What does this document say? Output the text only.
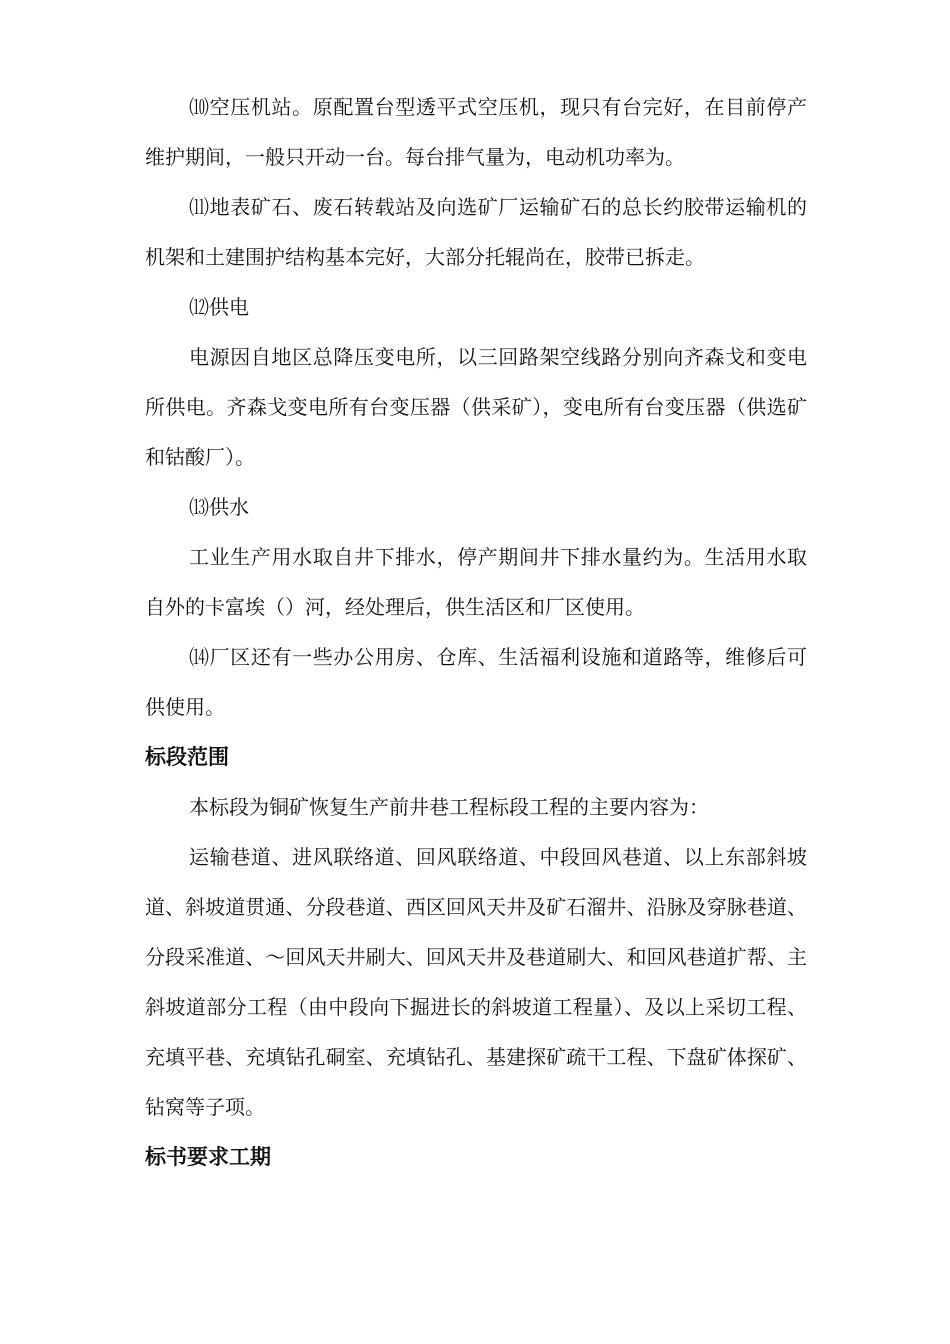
⑽空压机站。原配置台型透平式空压机，现只有台完好，在目前停产维护期间，一般只开动一台。每台排气量为，电动机功率为。

⑾地表矿石、废石转载站及向选矿厂运输矿石的总长约胶带运输机的机架和土建围护结构基本完好，大部分托辊尚在，胶带已拆走。

⑿供电

电源因自地区总降压变电所，以三回路架空线路分别向齐森戈和变电所供电。齐森戈变电所有台变压器（供采矿），变电所有台变压器（供选矿和钴酸厂）。

⒀供水

工业生产用水取自井下排水，停产期间井下排水量约为。生活用水取自外的卡富埃（）河，经处理后，供生活区和厂区使用。

⒁厂区还有一些办公用房、仓库、生活福利设施和道路等，维修后可供使用。

标段范围

本标段为铜矿恢复生产前井巷工程标段工程的主要内容为：

运输巷道、进风联络道、回风联络道、中段回风巷道、以上东部斜坡道、斜坡道贯通、分段巷道、西区回风天井及矿石溜井、沿脉及穿脉巷道、分段采准道、～回风天井刷大、回风天井及巷道刷大、和回风巷道扩帮、主斜坡道部分工程（由中段向下掘进长的斜坡道工程量）、及以上采切工程、充填平巷、充填钻孔硐室、充填钻孔、基建探矿疏干工程、下盘矿体探矿、钻窝等子项。

标书要求工期
